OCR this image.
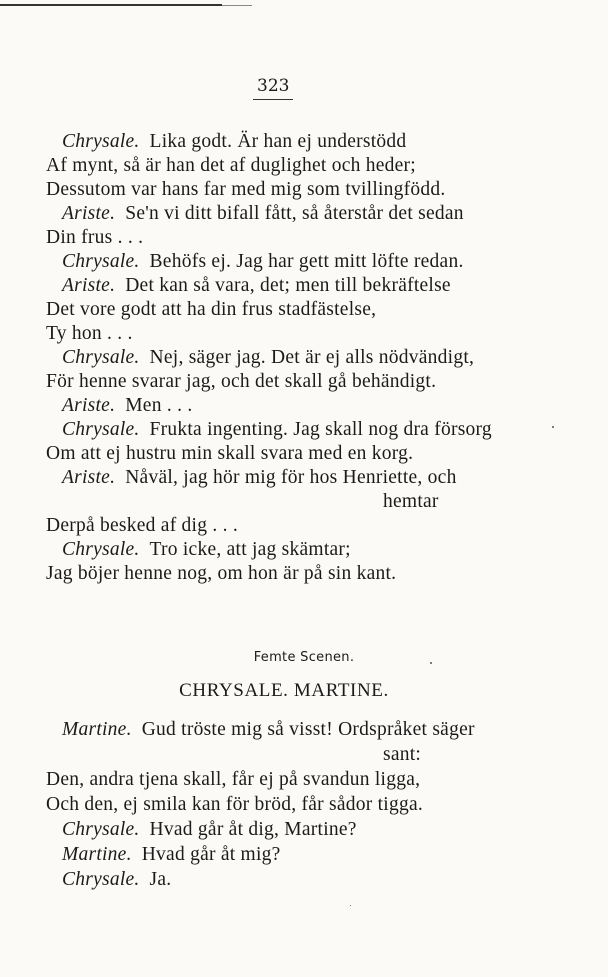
323
Chrysale. Lika godt. Är han ej understödd
Af mynt, så är han det af duglighet och heder;
Dessutom var hans far med mig som tvillingfödd.
Ariste. Se'n vi ditt bifall fått, så återstår det sedan
Din frus . . .
Chrysale. Behöfs ej. Jag har gett mitt löfte redan.
Ariste. Det kan så vara, det; men till bekräftelse
Det vore godt att ha din frus stadfästelse,
Ty hon . . .
Chrysale. Nej, säger jag. Det är ej alls nödvändigt,
För henne svarar jag, och det skall gå behändigt.
Ariste. Men . . .
Chrysale. Frukta ingenting. Jag skall nog dra försorg
Om att ej hustru min skall svara med en korg.
Ariste. Nåväl, jag hör mig för hos Henriette, och
hemtar
Derpå besked af dig . . .
Chrysale. Tro icke, att jag skämtar;
Jag böjer henne nog, om hon är på sin kant.
Martine. Gud tröste mig så visst! Ordspråket säger
sant:
Den, andra tjena skall, får ej på svandun ligga,
Och den, ej smila kan för bröd, får sådor tigga.
Chrysale. Hvad går åt dig, Martine?
Martine. Hvad går åt mig?
Chrysale. Ja.
Femte Scenen.
CHRYSALE. MARTINE.
